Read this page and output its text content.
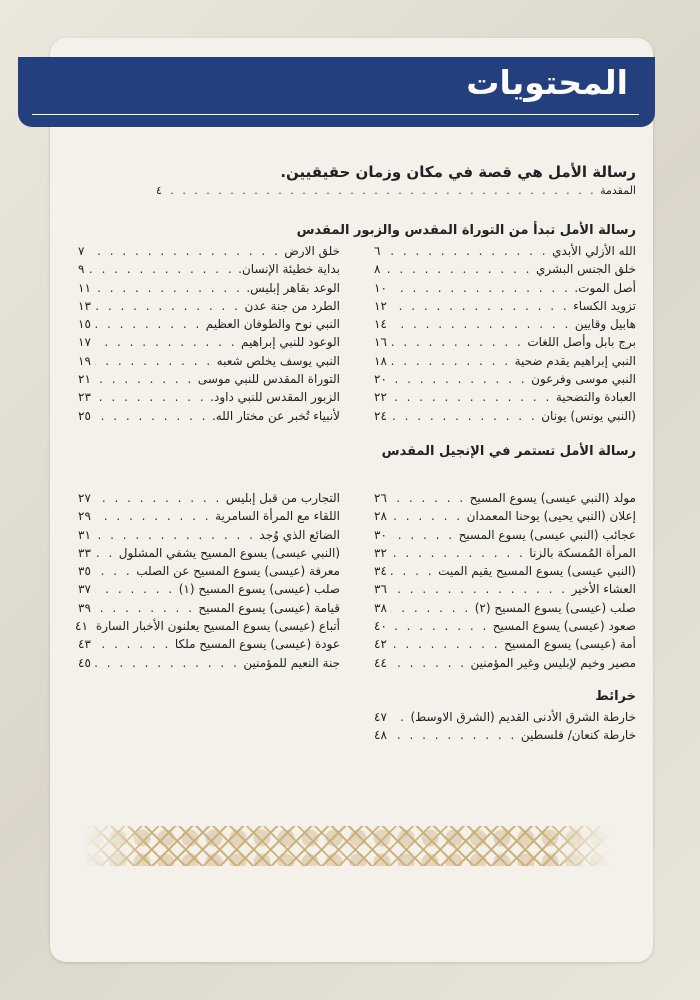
المحتويات

رسالة الأمل هي قصة في مكان وزمان حقيقيين.

المقدمة
. . .
٤

رسالة الأمل تبدأ من التوراة المقدس والزبور المقدس

الله الأزلي الأبدي
. . .
٦
خلق الجنس البشري
. . .
٨
أصل الموت.
. . .
١٠
تزويد الكساء
. . .
١٢
هابيل وقايين
. . .
١٤
برج بابل وأصل اللغات
. . .
١٦
النبي إبراهيم يقدم ضحية
. . .
١٨
النبي موسى وفرعون
. . .
٢٠
العبادة والتضحية
. . .
٢٢
(النبي يونس) يونان
. . .
٢٤
خلق الارض
. . .
٧
بداية خطيئة الإنسان.
. . .
٩
الوعد بقاهر إبليس.
. . .
١١
الطرد من جنة عدن
. . .
١٣
النبي نوح والطوفان العظيم
. . .
١٥
الوعود للنبي إبراهيم
. . .
١٧
النبي يوسف يخلص شعبه
. . .
١٩
التوراة المقدس للنبي موسى
. . .
٢١
الزبور المقدس للنبي داود.
. . .
٢٣
لأنبياء تُخبر عن مختار الله.
. . .
٢٥

رسالة الأمل تستمر في الإنجيل المقدس

مولد (النبي عيسى) يسوع المسيح
. . .
٢٦
إعلان (النبي يحيى) يوحنا المعمدان
. . .
٢٨
عجائب (النبي عيسى) يسوع المسيح
. . .
٣٠
المرأة المُمسكة بالزنا
. . .
٣٢
(النبي عيسى) يسوع المسيح يقيم الميت
. . .
٣٤
العشاء الأخير
. . .
٣٦
صلب (عيسى) يسوع المسيح (٢)
. . .
٣٨
صعود (عيسى) يسوع المسيح
. . .
٤٠
أمة (عيسى) يسوع المسيح
. . .
٤٢
مصير وخيم لإبليس وغير المؤمنين
. . .
٤٤
التجارب من قبل إبليس
. . .
٢٧
اللقاء مع المرأة السامرية
. . .
٢٩
الضائع الذي وُجد
. . .
٣١
(النبي عيسى) يسوع المسيح يشفي المشلول
. . .
٣٣
معرفة (عيسى) يسوع المسيح عن الصلب
. . .
٣٥
صلب (عيسى) يسوع المسيح (١)
. . .
٣٧
قيامة (عيسى) يسوع المسيح
. . .
٣٩
أتباع (عيسى) يسوع المسيح يعلنون الأخبار السارة
٤١
عودة (عيسى) يسوع المسيح ملكا
. . .
٤٣
جنة النعيم للمؤمنين
. . .
٤٥

خرائط

خارطة الشرق الأدنى القديم (الشرق الاوسط)
. . .
٤٧
خارطة كنعان/ فلسطين
. . .
٤٨
